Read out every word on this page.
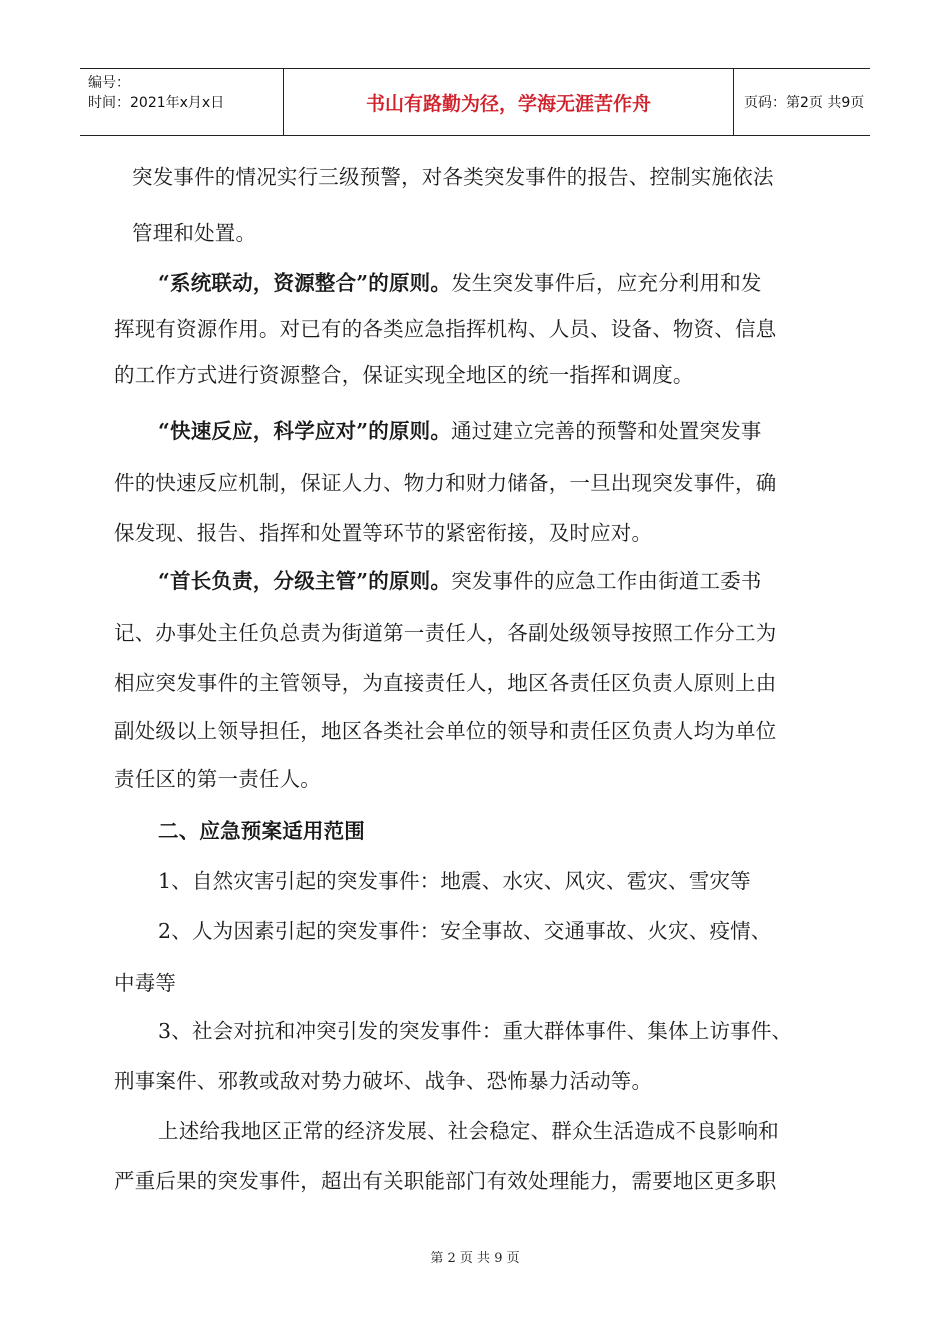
编号：
时间：2021年x月x日	书山有路勤为径，学海无涯苦作舟	页码：第2页 共9页
突发事件的情况实行三级预警，对各类突发事件的报告、控制实施依法
管理和处置。
“系统联动，资源整合”的原则。发生突发事件后，应充分利用和发
挥现有资源作用。对已有的各类应急指挥机构、人员、设备、物资、信息
的工作方式进行资源整合，保证实现全地区的统一指挥和调度。
“快速反应，科学应对”的原则。通过建立完善的预警和处置突发事
件的快速反应机制，保证人力、物力和财力储备，一旦出现突发事件，确
保发现、报告、指挥和处置等环节的紧密衔接，及时应对。
“首长负责，分级主管”的原则。突发事件的应急工作由街道工委书
记、办事处主任负总责为街道第一责任人，各副处级领导按照工作分工为
相应突发事件的主管领导，为直接责任人，地区各责任区负责人原则上由
副处级以上领导担任，地区各类社会单位的领导和责任区负责人均为单位
责任区的第一责任人。
二、应急预案适用范围
1、自然灾害引起的突发事件：地震、水灾、风灾、雹灾、雪灾等
2、人为因素引起的突发事件：安全事故、交通事故、火灾、疫情、
中毒等
3、社会对抗和冲突引发的突发事件：重大群体事件、集体上访事件、
刑事案件、邪教或敌对势力破坏、战争、恐怖暴力活动等。
上述给我地区正常的经济发展、社会稳定、群众生活造成不良影响和
严重后果的突发事件，超出有关职能部门有效处理能力，需要地区更多职
第 2 页 共 9 页
